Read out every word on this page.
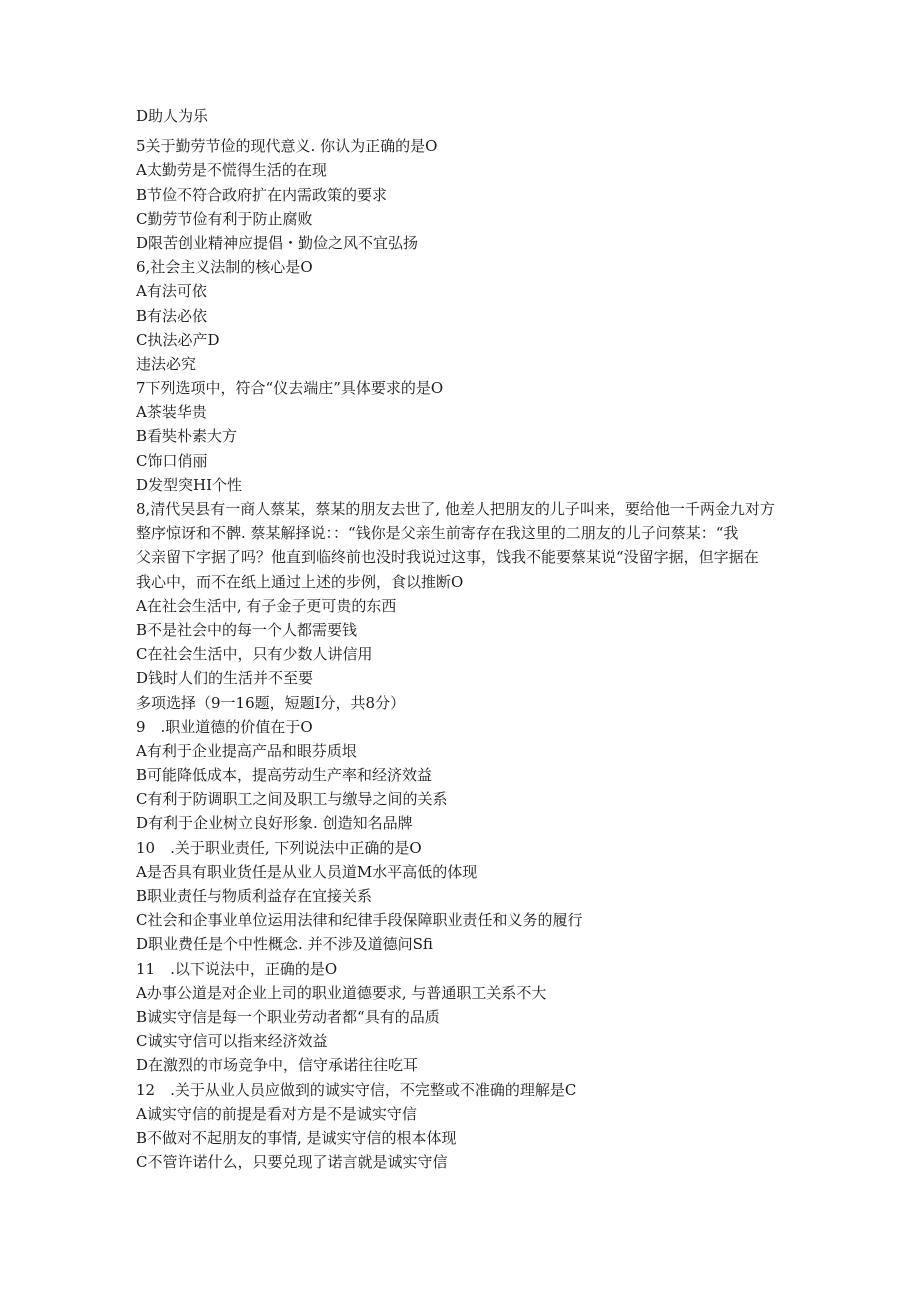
D助人为乐
5关于勤劳节俭的现代意义. 你认为正确的是O
A太勤劳是不慌得生活的在现
B节俭不符合政府扩在内需政策的要求
C勤劳节俭有利于防止腐败
D限苦创业精神应提倡・勤俭之风不宜弘扬
6,社会主义法制的核心是O
A有法可依
B有法必依
C执法必产D
违法必究
7下列选项中，符合“仪去端庄”具体要求的是O
A茶装华贵
B看奘朴素大方
C饰口俏丽
D发型突HI个性
8,清代吴县有一商人蔡某，蔡某的朋友去世了, 他差人把朋友的儿子叫来，要给他一千两金九对方
整序惊讶和不髀. 蔡某解择说：：“钱你是父亲生前寄存在我这里的二朋友的儿子问蔡某：“我
父亲留下字据了吗？他直到临终前也没时我说过这事，饯我不能要蔡某说“没留字据，但字据在
我心中，而不在纸上通过上述的步例，食以推断O
A在社会生活中, 有子金子更可贵的东西
B不是社会中的每一个人都需要钱
C在社会生活中，只有少数人讲信用
D钱时人们的生活并不至要
多项选择（9一16题，短题I分，共8分）
9　.职业道德的价值在于O
A有利于企业提高产品和眼芬质垠
B可能降低成本，提高劳动生产率和经济效益
C有利于防调职工之间及职工与缴导之间的关系
D有利于企业树立良好形象. 创造知名品牌
10　.关于职业责任, 下列说法中正确的是O
A是否具有职业货任是从业人员道M水平高低的体现
B职业责任与物质利益存在宜接关系
C社会和企事业单位运用法律和纪律手段保障职业责任和义务的履行
D职业费任是个中性概念. 并不涉及道德问Sfi
11　.以下说法中，正确的是O
A办事公道是对企业上司的职业道德要求, 与普通职工关系不大
B诚实守信是每一个职业劳动者都“具有的品质
C诚实守信可以指来经济效益
D在激烈的市场竞争中，信守承诺往往吃耳
12　.关于从业人员应做到的诚实守信，不完整或不准确的理解是C
A诚实守信的前提是看对方是不是诚实守信
B不做对不起朋友的事情, 是诚实守信的根本体现
C不管许诺什么，只要兑现了诺言就是诚实守信
